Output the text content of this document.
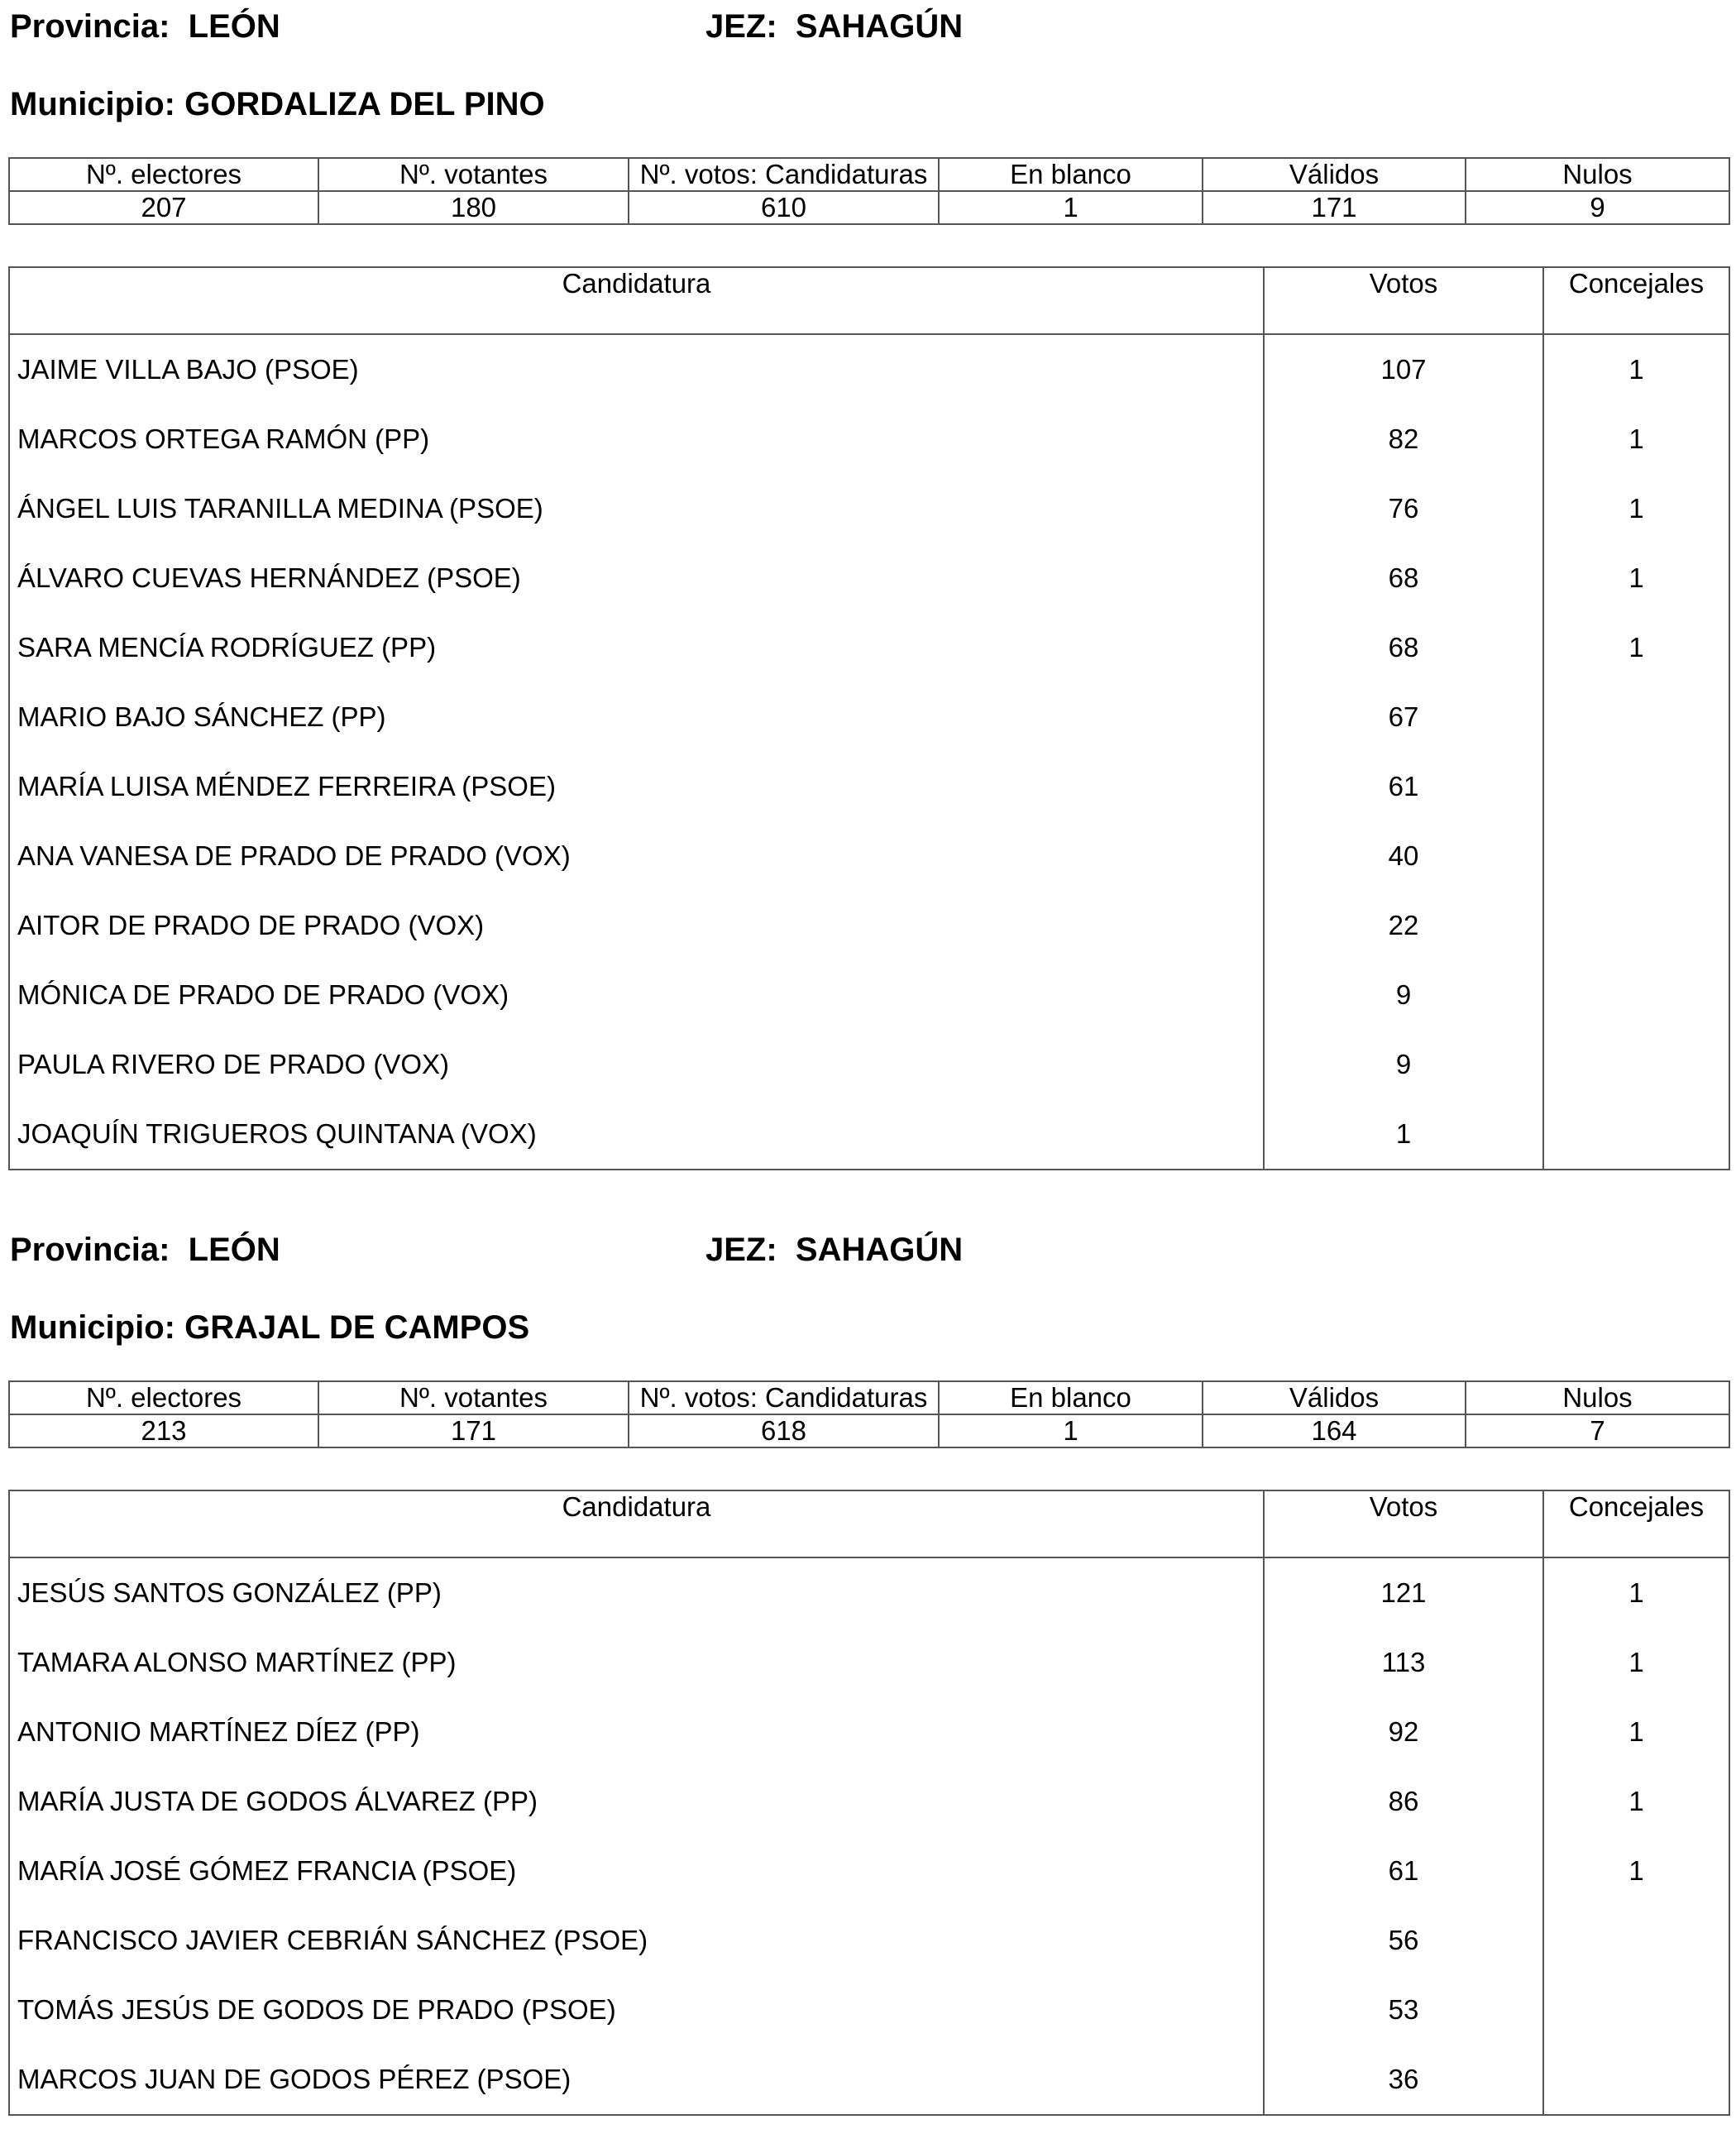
Provincia: LEÓN	JEZ: SAHAGÚN
Municipio: GORDALIZA DEL PINO
Nº. electores	Nº. votantes	Nº. votos: Candidaturas	En blanco	Válidos	Nulos
207	180	610	1	171	9
Candidatura	Votos	Concejales
JAIME VILLA BAJO (PSOE)	107	1
MARCOS ORTEGA RAMÓN (PP)	82	1
ÁNGEL LUIS TARANILLA MEDINA (PSOE)	76	1
ÁLVARO CUEVAS HERNÁNDEZ (PSOE)	68	1
SARA MENCÍA RODRÍGUEZ (PP)	68	1
MARIO BAJO SÁNCHEZ (PP)	67	
MARÍA LUISA MÉNDEZ FERREIRA (PSOE)	61	
ANA VANESA DE PRADO DE PRADO (VOX)	40	
AITOR DE PRADO DE PRADO (VOX)	22	
MÓNICA DE PRADO DE PRADO (VOX)	9	
PAULA RIVERO DE PRADO (VOX)	9	
JOAQUÍN TRIGUEROS QUINTANA (VOX)	1	
Provincia: LEÓN	JEZ: SAHAGÚN
Municipio: GRAJAL DE CAMPOS
Nº. electores	Nº. votantes	Nº. votos: Candidaturas	En blanco	Válidos	Nulos
213	171	618	1	164	7
Candidatura	Votos	Concejales
JESÚS SANTOS GONZÁLEZ (PP)	121	1
TAMARA ALONSO MARTÍNEZ (PP)	113	1
ANTONIO MARTÍNEZ DÍEZ (PP)	92	1
MARÍA JUSTA DE GODOS ÁLVAREZ (PP)	86	1
MARÍA JOSÉ GÓMEZ FRANCIA (PSOE)	61	1
FRANCISCO JAVIER CEBRIÁN SÁNCHEZ (PSOE)	56	
TOMÁS JESÚS DE GODOS DE PRADO (PSOE)	53	
MARCOS JUAN DE GODOS PÉREZ (PSOE)	36	
